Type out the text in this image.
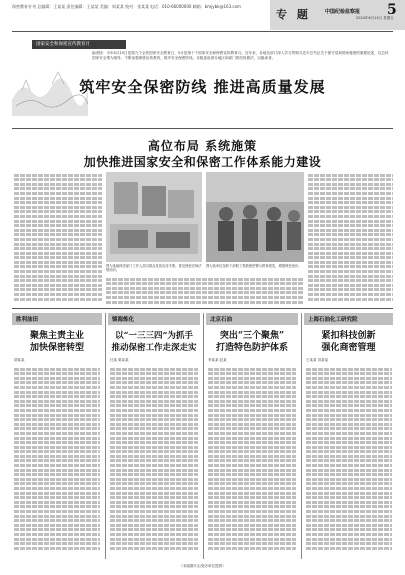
保密教育专刊 总编辑：王某某 责任编辑：王某某 美编：周某某 校对：张某某 电话：010-66000000 邮箱：bmjybk@163.com
专 题	中国纪检监察报
2024年6月14日 星期五
5
国家安全和保密宣传教育月
编者按：今年4月15日是第九个全民国家安全教育日，5月是第十个国家安全和保密宣传教育月。近年来，各地各部门深入学习贯彻习近平总书记关于保守党和国家秘密的重要论述，以总体国家安全观为指导，不断加强保密宣传教育，筑牢安全保密防线。本版选取部分地区和部门的经验做法，以飨读者。
筑牢安全保密防线 推进高质量发展
高位布局 系统施策
加快推进国家安全和保密工作体系能力建设
图为某地保密部门工作人员向群众发放宣传手册，普及保密法律法规知识。
图为某单位组织干部职工观看保密警示教育展览，增强保密意识。
胜利油田
聚焦主责主业
加快保密转型
胡某某
镇海炼化
以“一三三四”为抓手
推动保密工作走深走实
杜某 陈某某
北京石油
突出“三个聚焦”
打造特色防护体系
李某某 赵某
上海石油化工研究院
紧扣科技创新
强化商密管理
王某某 刘某某
（本版图片由受访单位提供）
